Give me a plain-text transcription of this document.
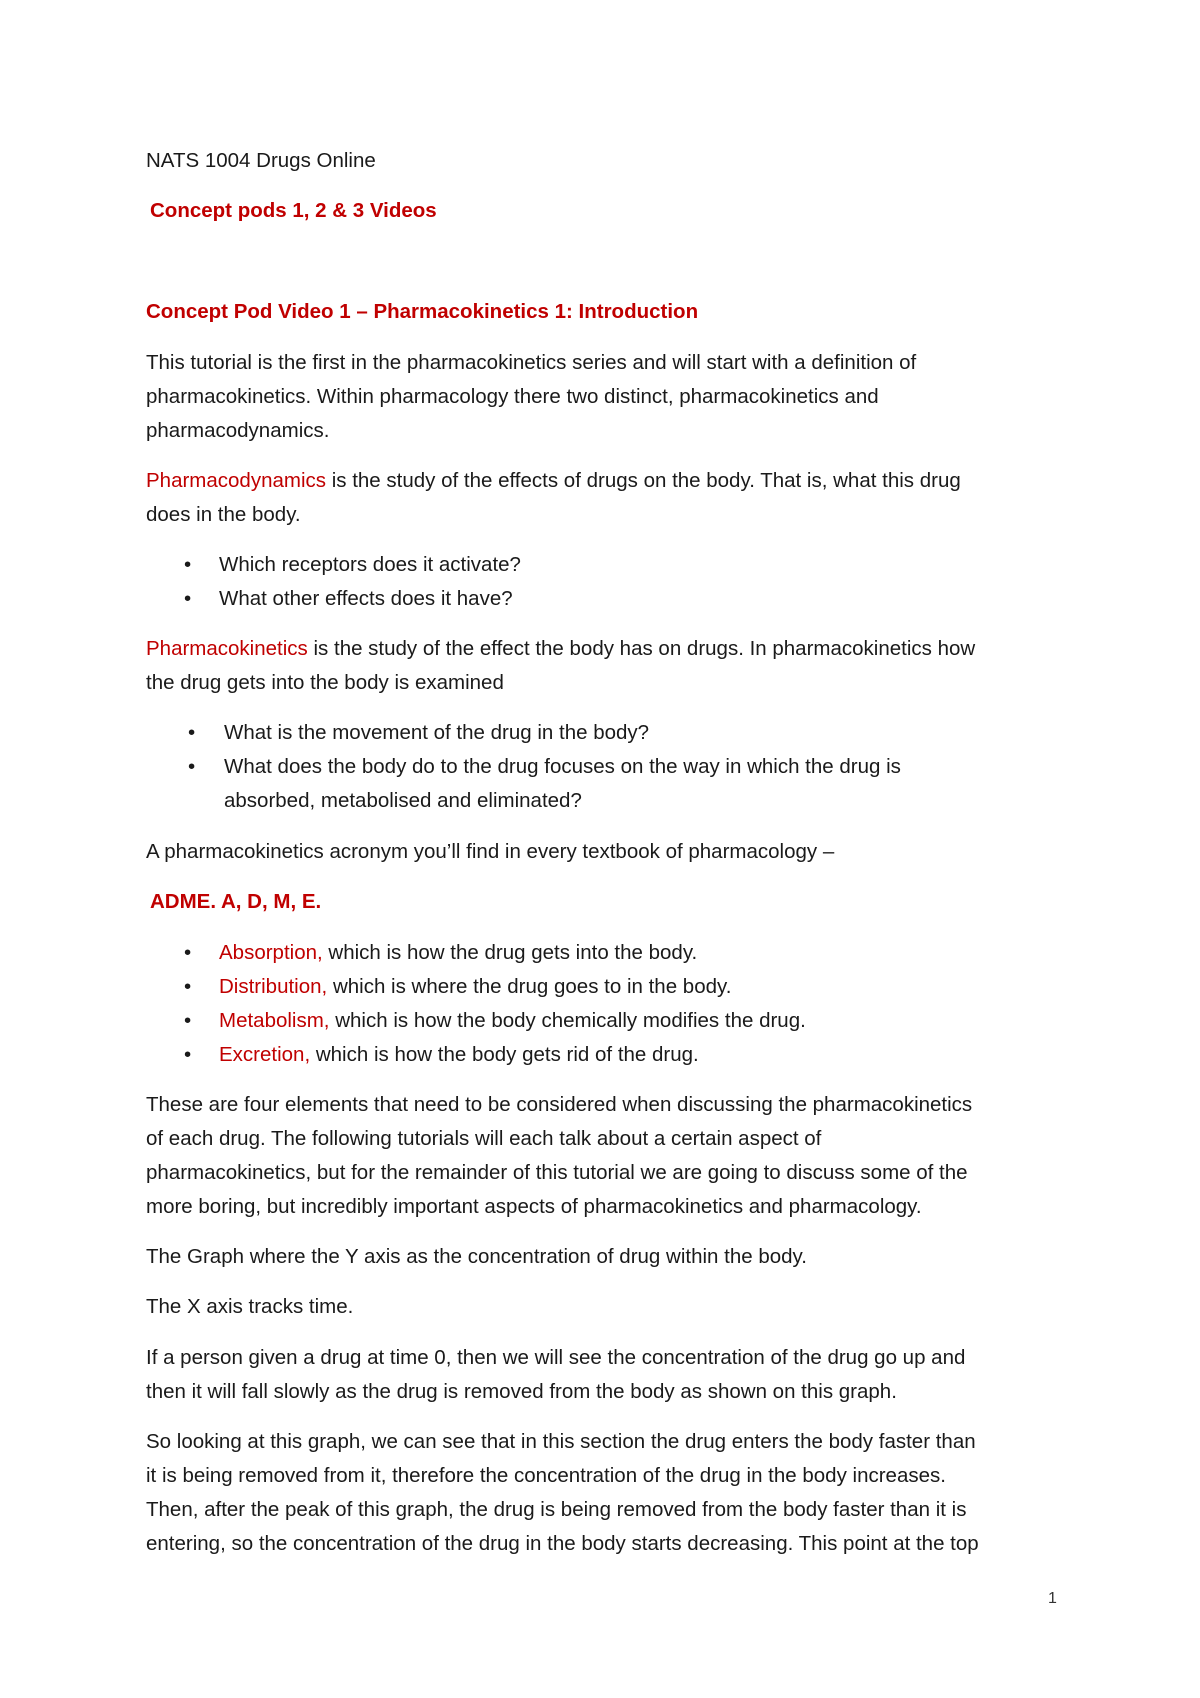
NATS 1004 Drugs Online
Concept pods 1, 2 & 3 Videos
Concept Pod Video 1 – Pharmacokinetics 1: Introduction
This tutorial is the first in the pharmacokinetics series and will start with a definition of
pharmacokinetics. Within pharmacology there two distinct, pharmacokinetics and
pharmacodynamics.
Pharmacodynamics is the study of the effects of drugs on the body. That is, what this drug
does in the body.
• Which receptors does it activate?
• What other effects does it have?
Pharmacokinetics is the study of the effect the body has on drugs. In pharmacokinetics how
the drug gets into the body is examined
• What is the movement of the drug in the body?
• What does the body do to the drug focuses on the way in which the drug is
absorbed, metabolised and eliminated?
A pharmacokinetics acronym you’ll find in every textbook of pharmacology –
ADME. A, D, M, E.
• Absorption, which is how the drug gets into the body.
• Distribution, which is where the drug goes to in the body.
• Metabolism, which is how the body chemically modifies the drug.
• Excretion, which is how the body gets rid of the drug.
These are four elements that need to be considered when discussing the pharmacokinetics
of each drug. The following tutorials will each talk about a certain aspect of
pharmacokinetics, but for the remainder of this tutorial we are going to discuss some of the
more boring, but incredibly important aspects of pharmacokinetics and pharmacology.
The Graph where the Y axis as the concentration of drug within the body.
The X axis tracks time.
If a person given a drug at time 0, then we will see the concentration of the drug go up and
then it will fall slowly as the drug is removed from the body as shown on this graph.
So looking at this graph, we can see that in this section the drug enters the body faster than
it is being removed from it, therefore the concentration of the drug in the body increases.
Then, after the peak of this graph, the drug is being removed from the body faster than it is
entering, so the concentration of the drug in the body starts decreasing. This point at the top
1
